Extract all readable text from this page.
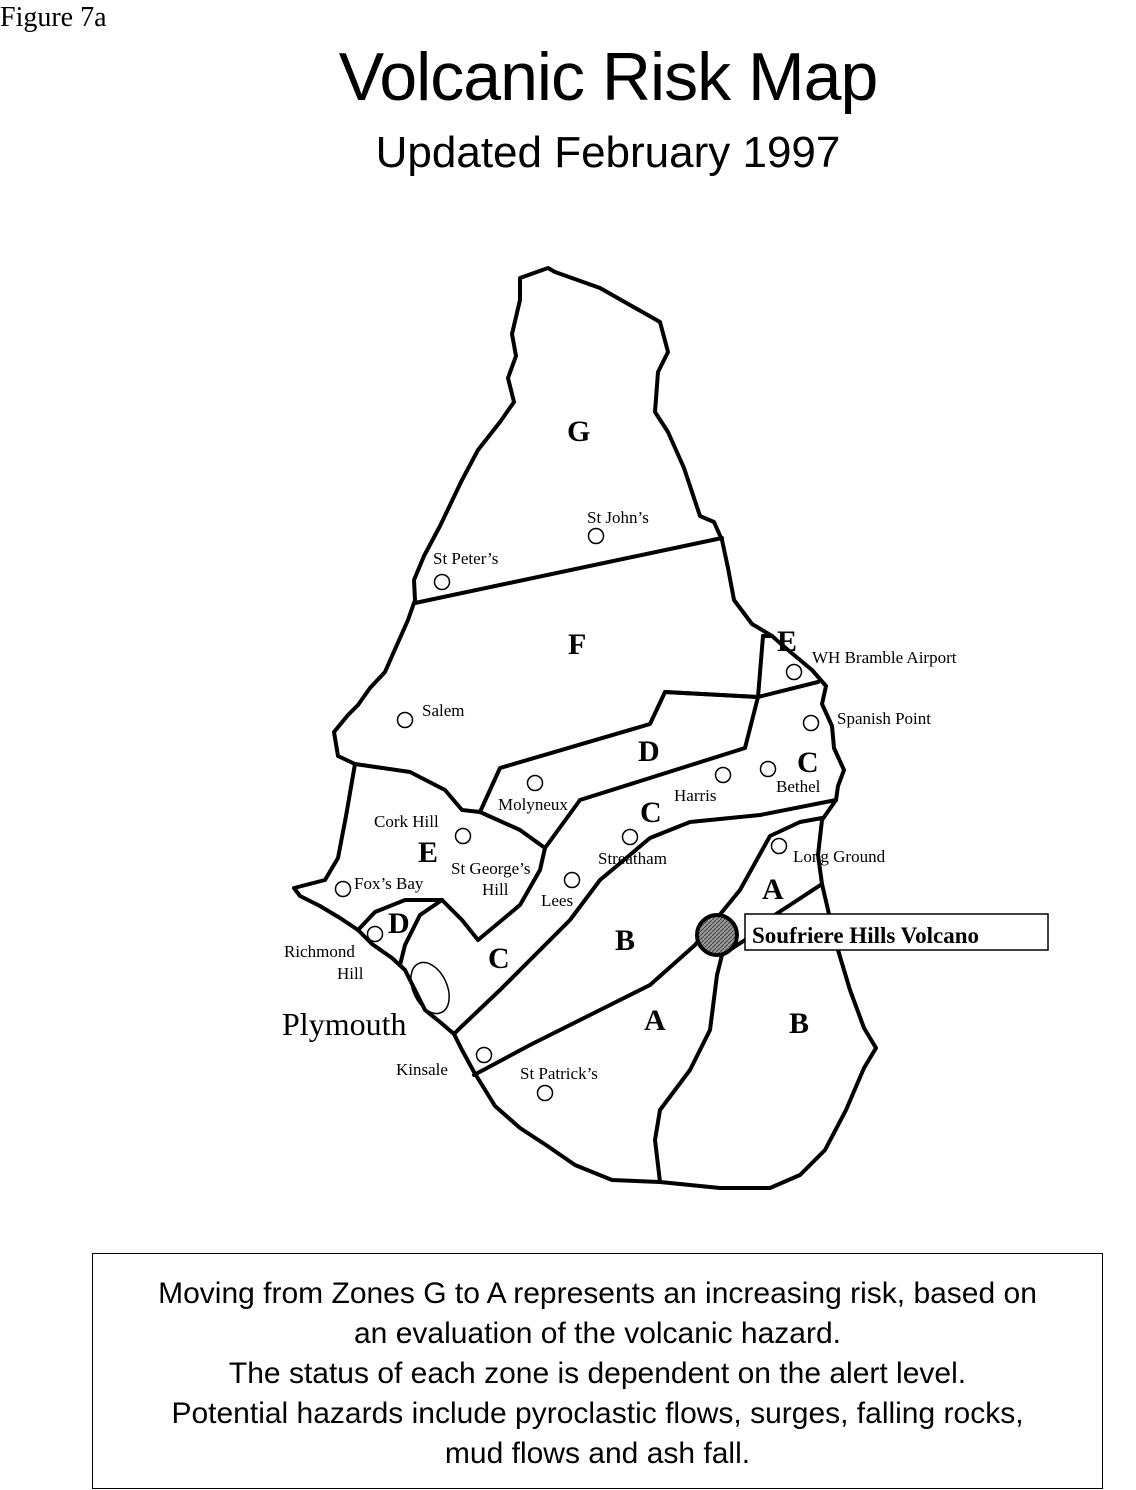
Figure 7a
Volcanic Risk Map
Updated February 1997
Soufriere Hills Volcano
G
F	E
D	C
C
E
D
C
B
A
A	B
St John’s
St Peter’s
WH Bramble Airport
Spanish Point
Salem
Bethel
Harris
Molyneux
Cork Hill
St George’s
Hill
Streatham
Lees
Long Ground
Fox’s Bay
Richmond
Hill
Plymouth
Kinsale	St Patrick’s
Moving from Zones G to A represents an increasing risk, based on
an evaluation of the volcanic hazard.
The status of each zone is dependent on the alert level.
Potential hazards include pyroclastic flows, surges, falling rocks,
mud flows and ash fall.
